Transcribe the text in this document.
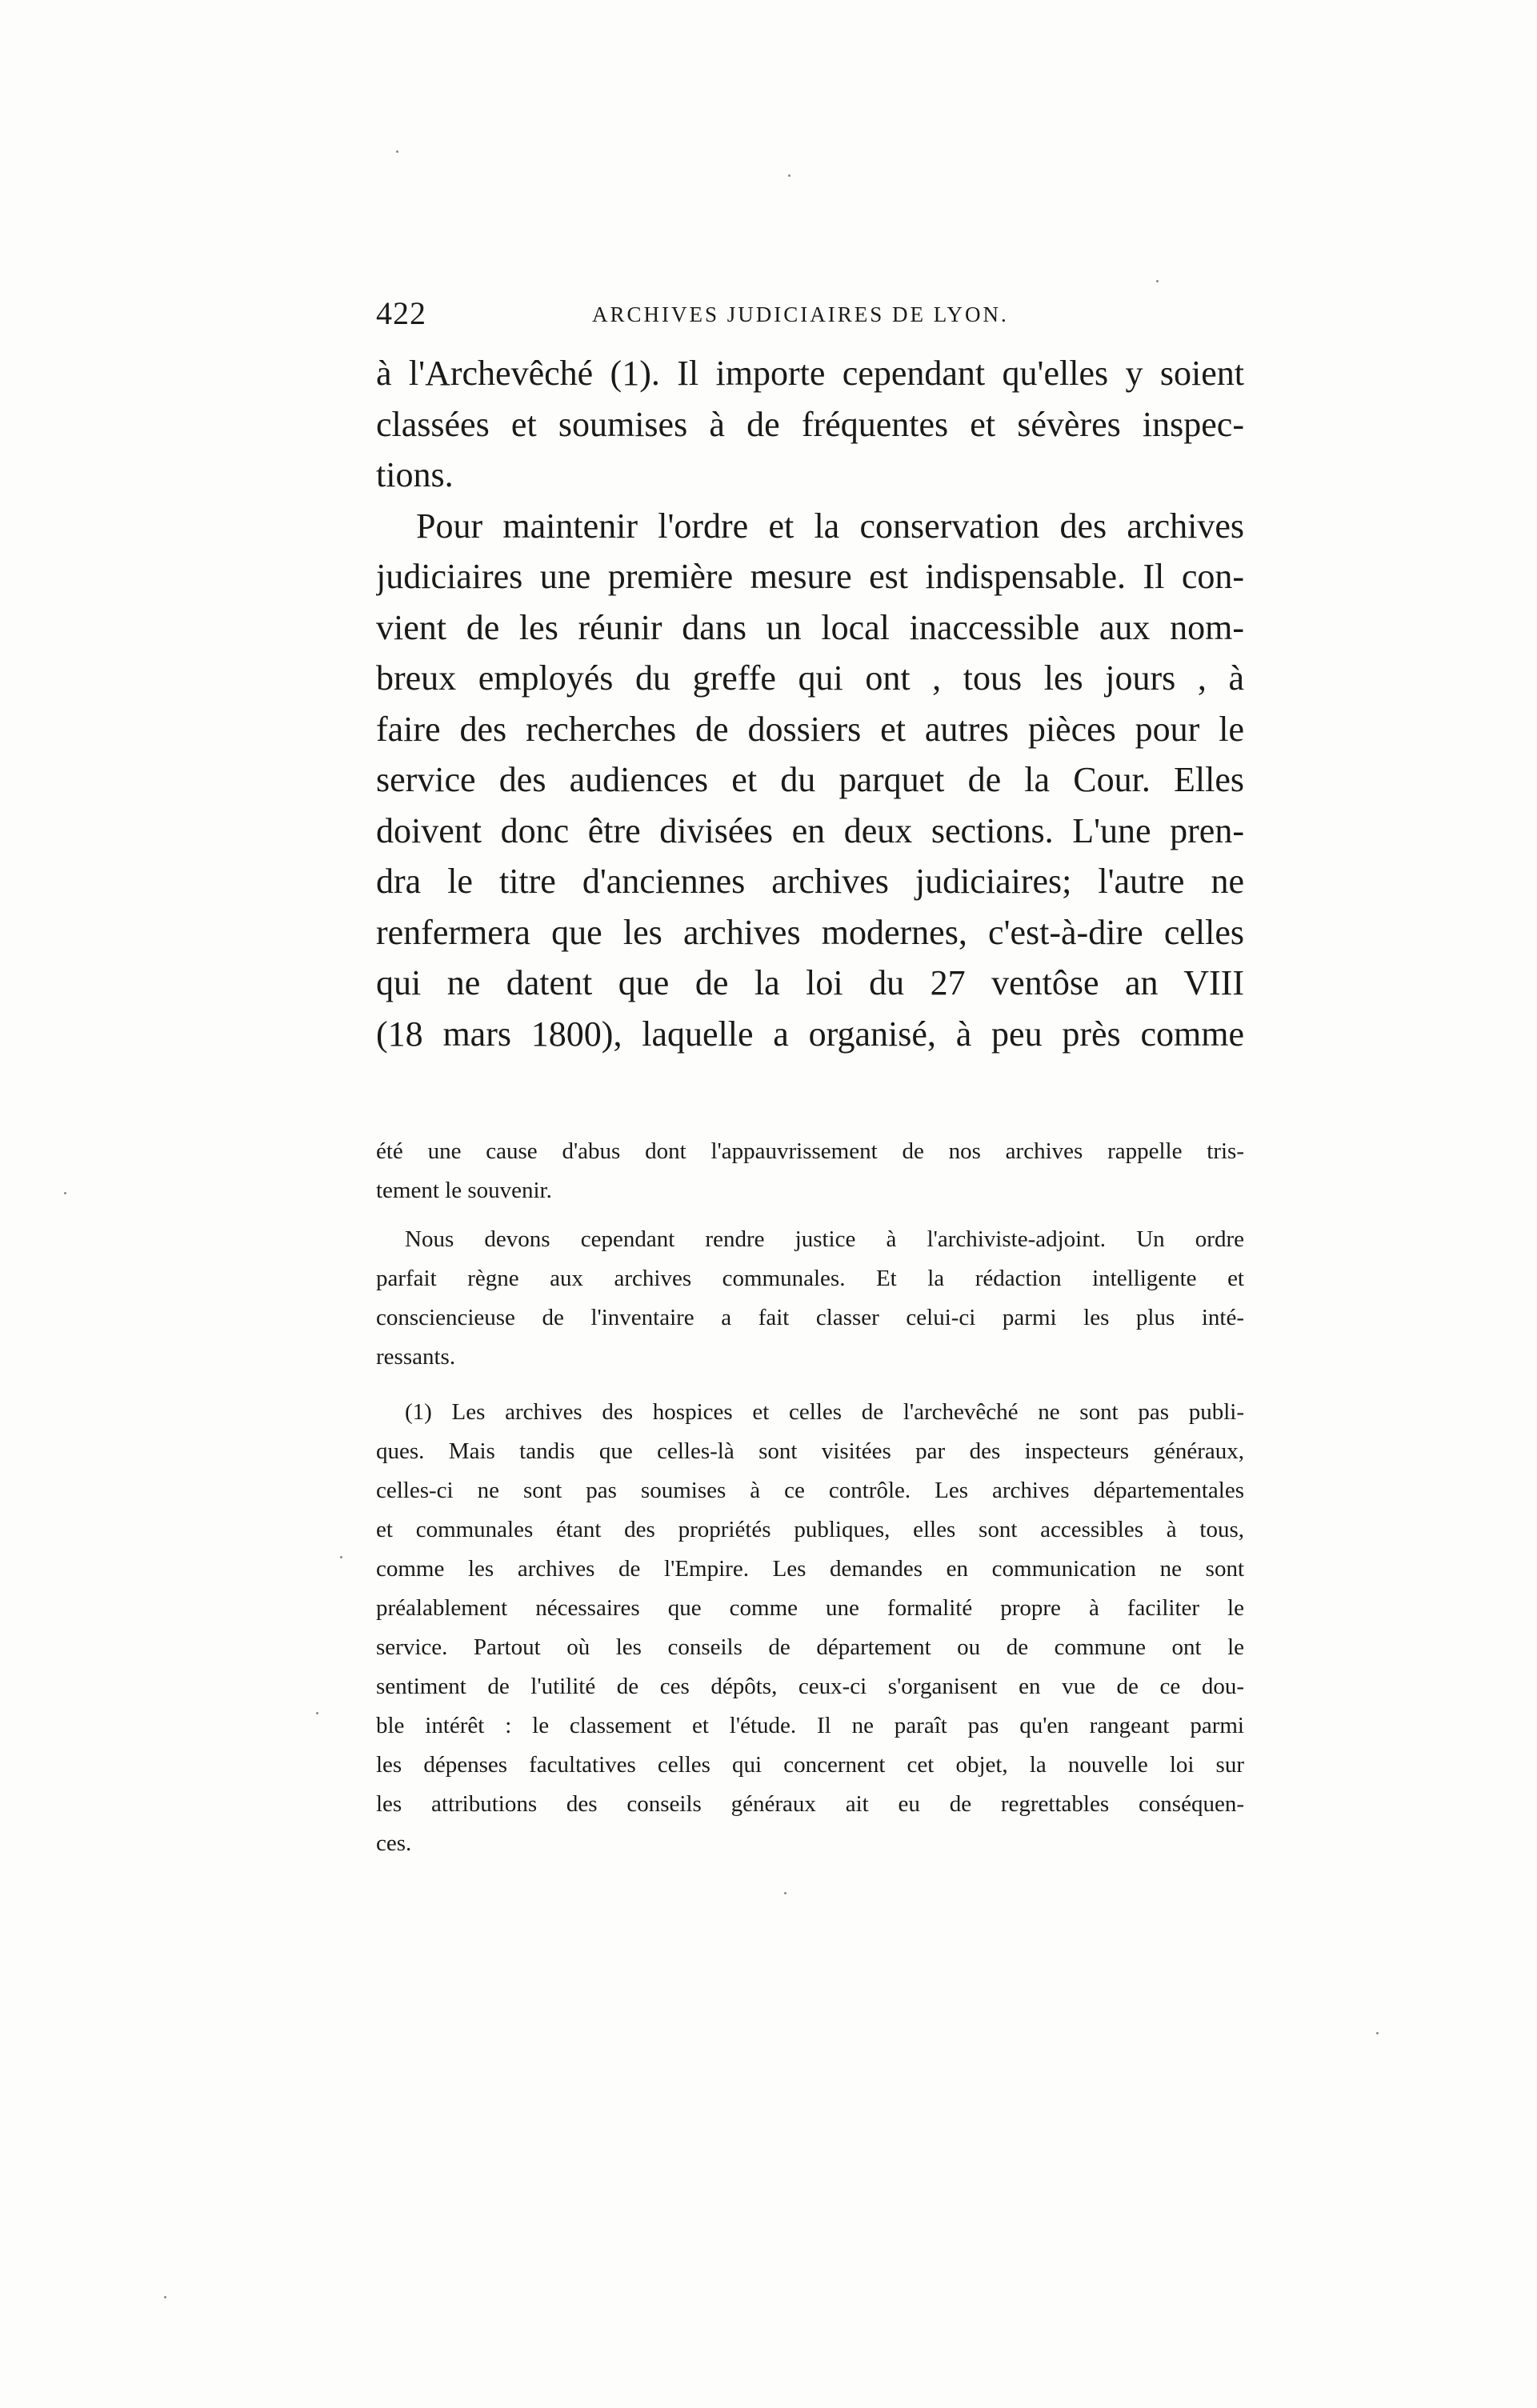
422	ARCHIVES JUDICIAIRES DE LYON.
à l'Archevêché (1). Il importe cependant qu'elles y soient
classées et soumises à de fréquentes et sévères inspec-
tions.
Pour maintenir l'ordre et la conservation des archives
judiciaires une première mesure est indispensable. Il con-
vient de les réunir dans un local inaccessible aux nom-
breux employés du greffe qui ont , tous les jours , à
faire des recherches de dossiers et autres pièces pour le
service des audiences et du parquet de la Cour. Elles
doivent donc être divisées en deux sections. L'une pren-
dra le titre d'anciennes archives judiciaires; l'autre ne
renfermera que les archives modernes, c'est-à-dire celles
qui ne datent que de la loi du 27 ventôse an VIII
(18 mars 1800), laquelle a organisé, à peu près comme
été une cause d'abus dont l'appauvrissement de nos archives rappelle tris-
tement le souvenir.
Nous devons cependant rendre justice à l'archiviste-adjoint. Un ordre
parfait règne aux archives communales. Et la rédaction intelligente et
consciencieuse de l'inventaire a fait classer celui-ci parmi les plus inté-
ressants.
(1) Les archives des hospices et celles de l'archevêché ne sont pas publi-
ques. Mais tandis que celles-là sont visitées par des inspecteurs généraux,
celles-ci ne sont pas soumises à ce contrôle. Les archives départementales
et communales étant des propriétés publiques, elles sont accessibles à tous,
comme les archives de l'Empire. Les demandes en communication ne sont
préalablement nécessaires que comme une formalité propre à faciliter le
service. Partout où les conseils de département ou de commune ont le
sentiment de l'utilité de ces dépôts, ceux-ci s'organisent en vue de ce dou-
ble intérêt : le classement et l'étude. Il ne paraît pas qu'en rangeant parmi
les dépenses facultatives celles qui concernent cet objet, la nouvelle loi sur
les attributions des conseils généraux ait eu de regrettables conséquen-
ces.
